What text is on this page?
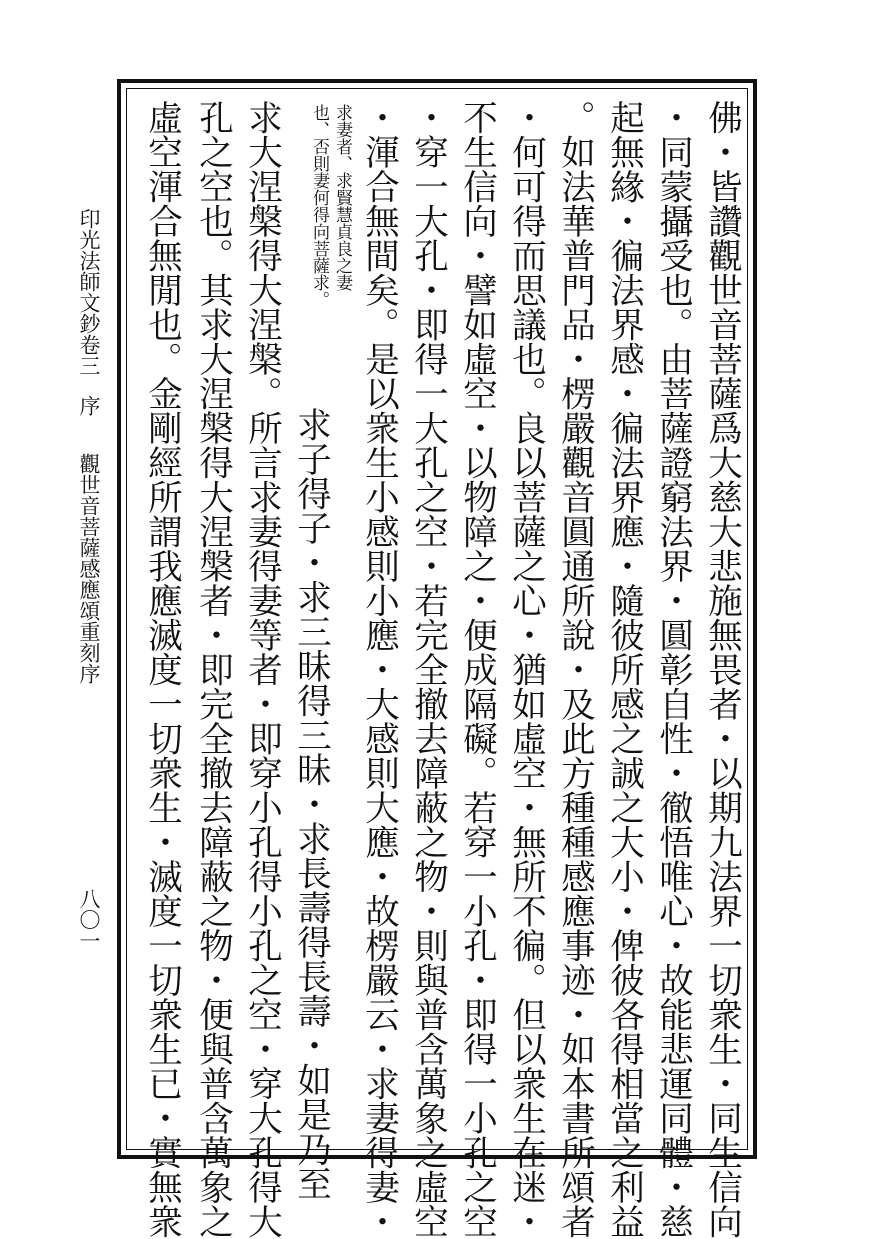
佛・皆讚觀世音菩薩爲大慈大悲施無畏者・以期九法界一切衆生・同生信向
・同蒙攝受也。由菩薩證窮法界・圓彰自性・徹悟唯心・故能悲運同體・慈
起無緣・徧法界感・徧法界應・隨彼所感之誠之大小・俾彼各得相當之利益
。如法華普門品・楞嚴觀音圓通所說・及此方種種感應事迹・如本書所頌者
・何可得而思議也。良以菩薩之心・猶如虛空・無所不徧。但以衆生在迷・
不生信向・譬如虛空・以物障之・便成隔礙。若穿一小孔・即得一小孔之空
・穿一大孔・即得一大孔之空・若完全撤去障蔽之物・則與普含萬象之虛空
・渾合無間矣。是以衆生小感則小應・大感則大應・故楞嚴云・求妻得妻・
求妻者、求賢慧貞良之妻
也、否則妻何得向菩薩求。
求子得子・求三昧得三昧・求長壽得長壽・如是乃至
求大涅槃得大涅槃。所言求妻得妻等者・即穿小孔得小孔之空・穿大孔得大
孔之空也。其求大涅槃得大涅槃者・即完全撤去障蔽之物・便與普含萬象之
虛空渾合無閒也。金剛經所謂我應滅度一切衆生・滅度一切衆生已・實無衆
印光法師文鈔卷三
序
觀世音菩薩感應頌重刻序
八〇一
